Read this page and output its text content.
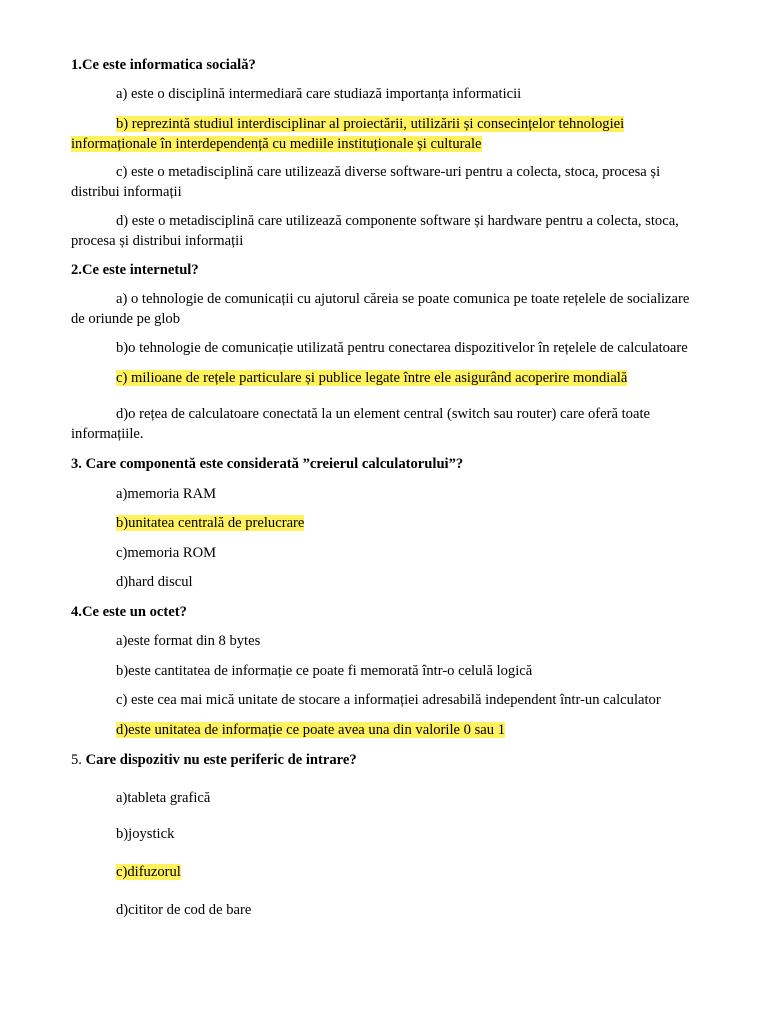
1.Ce este informatica socială?
a) este o disciplină intermediară care studiază importanța informaticii
b) reprezintă studiul interdisciplinar al proiectării, utilizării și consecințelor tehnologiei
informaționale în interdependență cu mediile instituționale și culturale
c) este o metadisciplină care utilizează diverse software-uri pentru a colecta, stoca, procesa și
distribui informații
d) este o metadisciplină care utilizează componente software și hardware pentru a colecta, stoca,
procesa și distribui informații
2.Ce este internetul?
a) o tehnologie de comunicații cu ajutorul căreia se poate comunica pe toate rețelele de socializare
de oriunde pe glob
b)o tehnologie de comunicație utilizată pentru conectarea dispozitivelor în rețelele de calculatoare
c) milioane de rețele particulare și publice legate între ele asigurând acoperire mondială
d)o rețea de calculatoare conectată la un element central (switch sau router) care oferă toate
informațiile.
3. Care componentă este considerată ”creierul calculatorului”?
a)memoria RAM
b)unitatea centrală de prelucrare
c)memoria ROM
d)hard discul
4.Ce este un octet?
a)este format din 8 bytes
b)este cantitatea de informație ce poate fi memorată într-o celulă logică
c) este cea mai mică unitate de stocare a informației adresabilă independent într-un calculator
d)este unitatea de informație ce poate avea una din valorile 0 sau 1
5. Care dispozitiv nu este periferic de intrare?
a)tableta grafică
b)joystick
c)difuzorul
d)cititor de cod de bare
